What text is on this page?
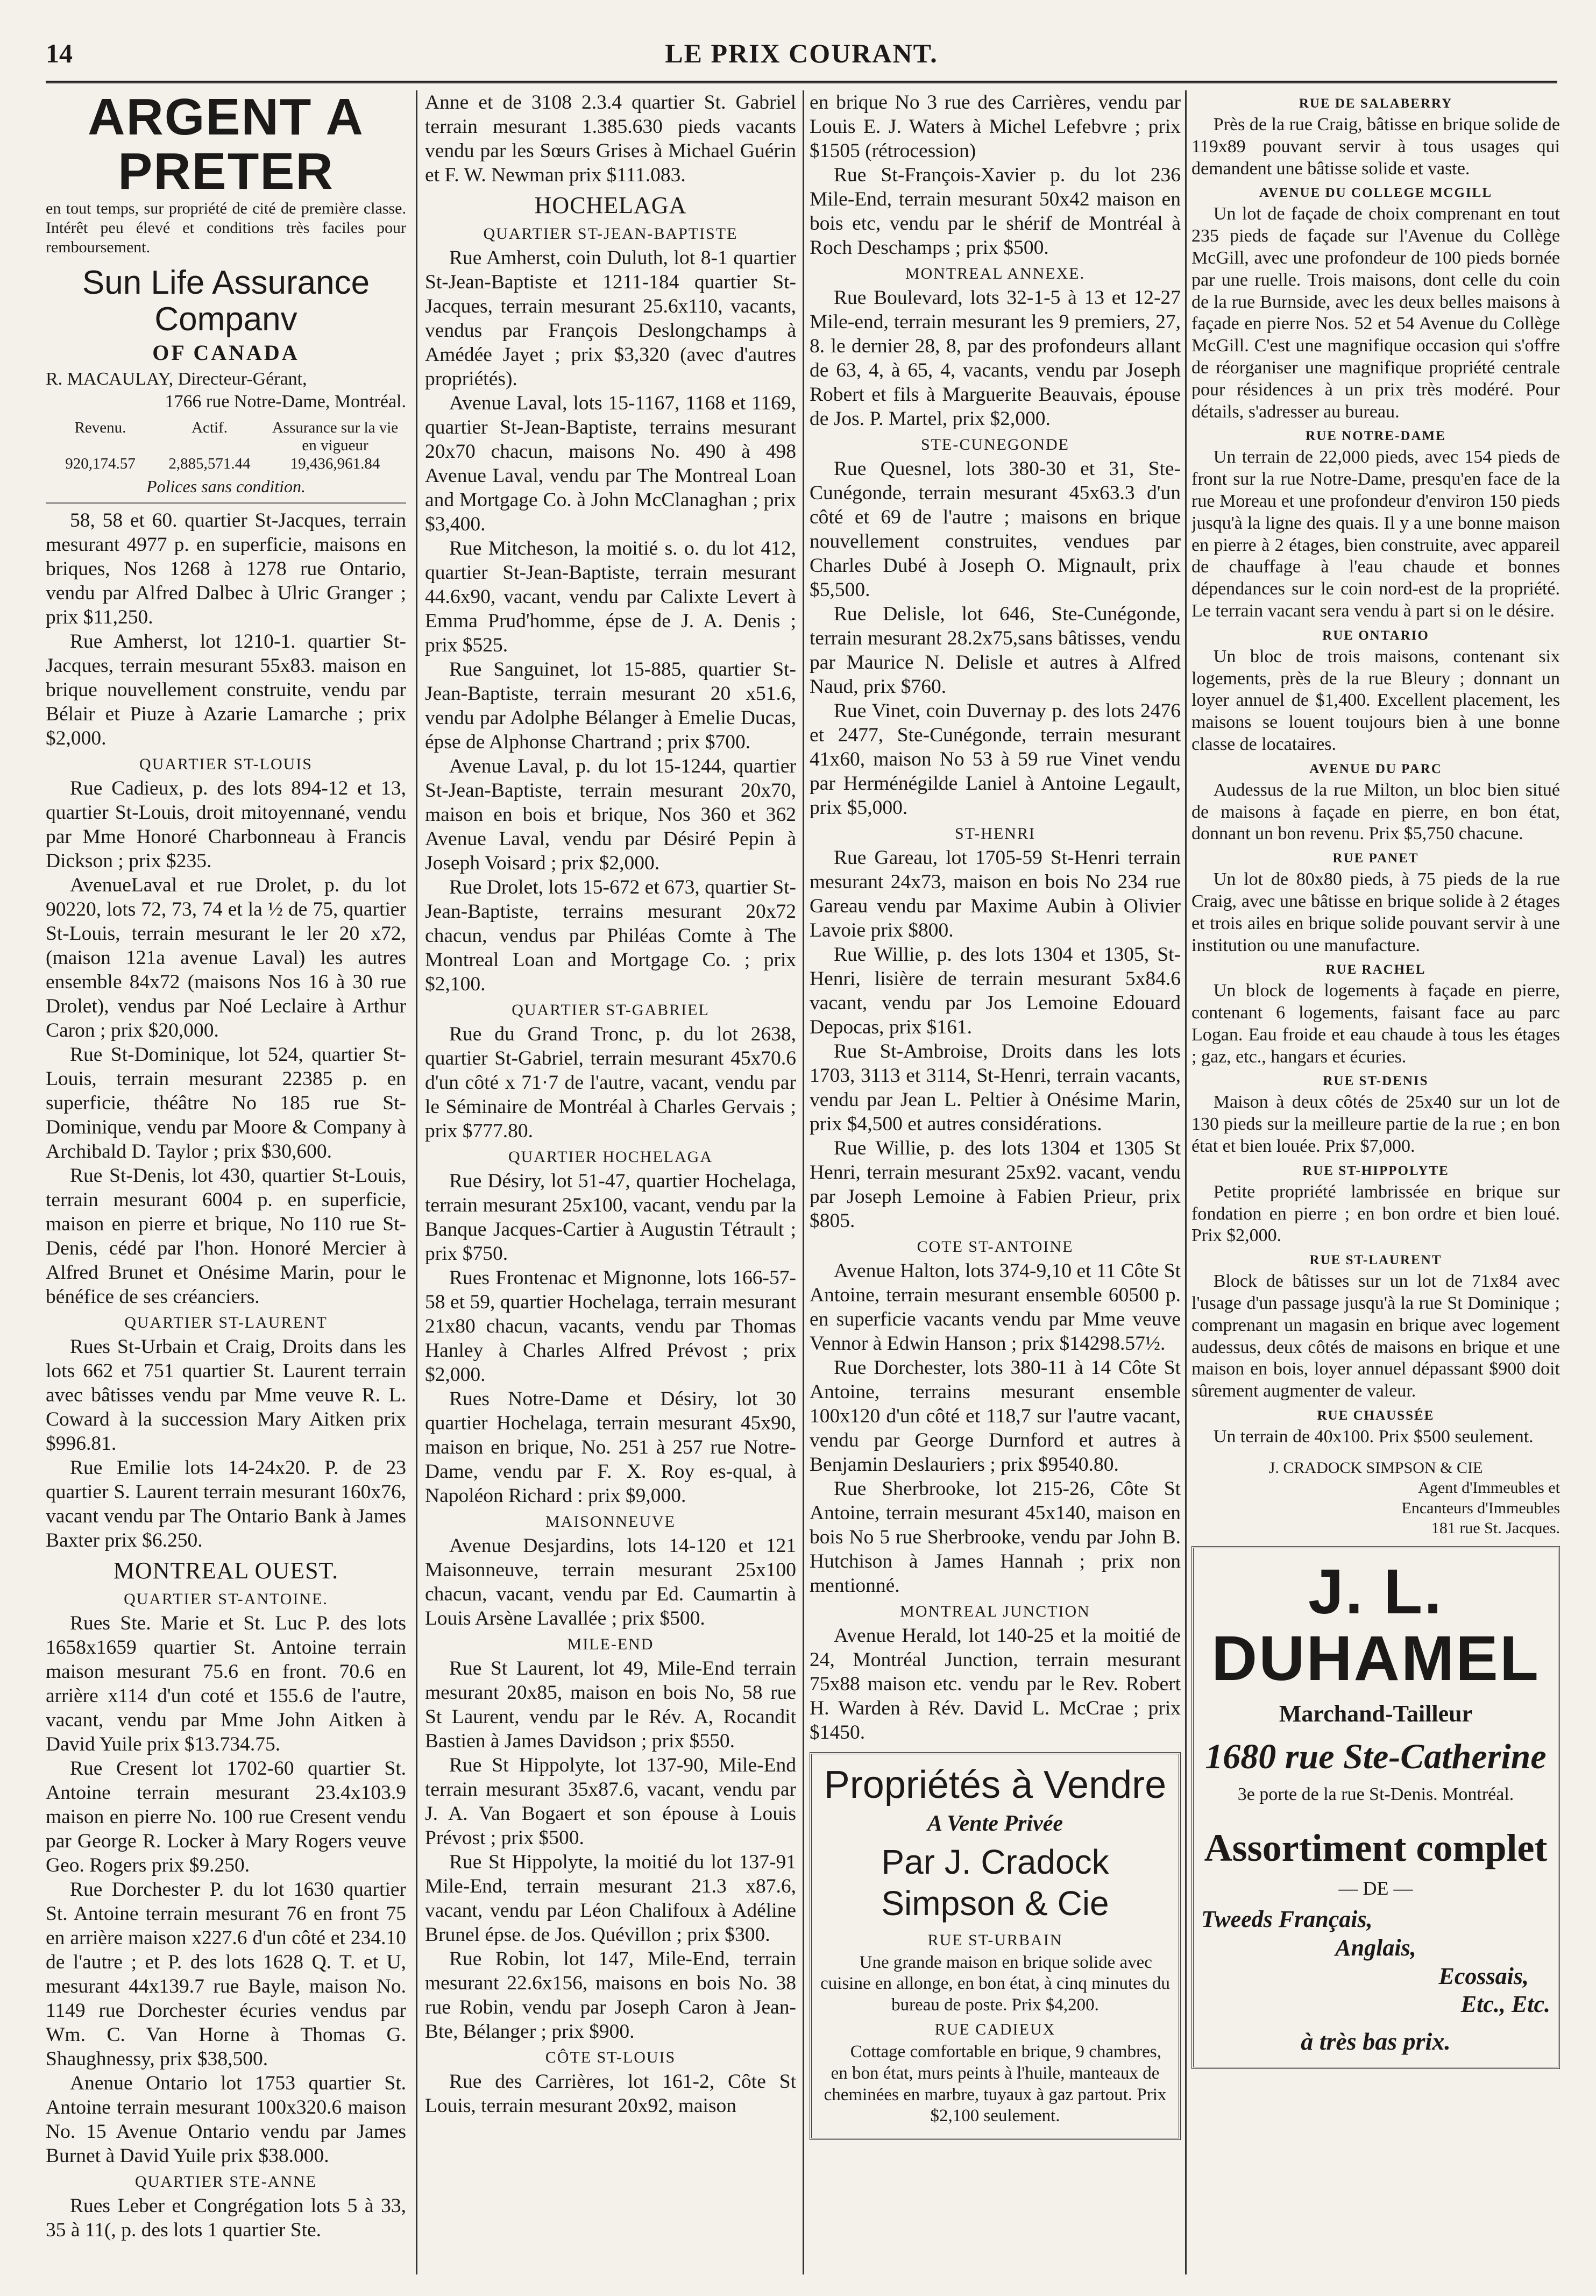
14	LE PRIX COURANT.
ARGENT A PRETER
en tout temps, sur propriété de cité de première classe. Intérêt peu élevé et conditions très faciles pour remboursement.
Sun Life Assurance Companv
OF CANADA
R. MACAULAY, Directeur-Gérant,
1766 rue Notre-Dame, Montréal.
Revenu.	Actif.	Assurance sur la vie en vigueur
920,174.57	2,885,571.44	19,436,961.84
Polices sans condition.

58, 58 et 60. quartier St-Jacques, terrain mesurant 4977 p. en superficie, maisons en briques, Nos 1268 à 1278 rue Ontario, vendu par Alfred Dalbec à Ulric Granger ; prix $11,250.

Rue Amherst, lot 1210-1. quartier St-Jacques, terrain mesurant 55x83. maison en brique nouvellement construite, vendu par Bélair et Piuze à Azarie Lamarche ; prix $2,000.

QUARTIER ST-LOUIS

Rue Cadieux, p. des lots 894-12 et 13, quartier St-Louis, droit mitoyennané, vendu par Mme Honoré Charbonneau à Francis Dickson ; prix $235.

AvenueLaval et rue Drolet, p. du lot 90220, lots 72, 73, 74 et la ½ de 75, quartier St-Louis, terrain mesurant le ler 20 x72, (maison 121a avenue Laval) les autres ensemble 84x72 (maisons Nos 16 à 30 rue Drolet), vendus par Noé Leclaire à Arthur Caron ; prix $20,000.

Rue St-Dominique, lot 524, quartier St-Louis, terrain mesurant 22385 p. en superficie, théâtre No 185 rue St-Dominique, vendu par Moore & Company à Archibald D. Taylor ; prix $30,600.

Rue St-Denis, lot 430, quartier St-Louis, terrain mesurant 6004 p. en superficie, maison en pierre et brique, No 110 rue St-Denis, cédé par l'hon. Honoré Mercier à Alfred Brunet et Onésime Marin, pour le bénéfice de ses créanciers.

QUARTIER ST-LAURENT

Rues St-Urbain et Craig, Droits dans les lots 662 et 751 quartier St. Laurent terrain avec bâtisses vendu par Mme veuve R. L. Coward à la succession Mary Aitken prix $996.81.

Rue Emilie lots 14-24x20. P. de 23 quartier S. Laurent terrain mesurant 160x76, vacant vendu par The Ontario Bank à James Baxter prix $6.250.

MONTREAL OUEST.
QUARTIER ST-ANTOINE.

Rues Ste. Marie et St. Luc P. des lots 1658x1659 quartier St. Antoine terrain maison mesurant 75.6 en front. 70.6 en arrière x114 d'un coté et 155.6 de l'autre, vacant, vendu par Mme John Aitken à David Yuile prix $13.734.75.

Rue Cresent lot 1702-60 quartier St. Antoine terrain mesurant 23.4x103.9 maison en pierre No. 100 rue Cresent vendu par George R. Locker à Mary Rogers veuve Geo. Rogers prix $9.250.

Rue Dorchester P. du lot 1630 quartier St. Antoine terrain mesurant 76 en front 75 en arrière maison x227.6 d'un côté et 234.10 de l'autre ; et P. des lots 1628 Q. T. et U, mesurant 44x139.7 rue Bayle, maison No. 1149 rue Dorchester écuries vendus par Wm. C. Van Horne à Thomas G. Shaughnessy, prix $38,500.

Anenue Ontario lot 1753 quartier St. Antoine terrain mesurant 100x320.6 maison No. 15 Avenue Ontario vendu par James Burnet à David Yuile prix $38.000.

QUARTIER STE-ANNE

Rues Leber et Congrégation lots 5 à 33, 35 à 11(, p. des lots 1 quartier Ste.

Anne et de 3108 2.3.4 quartier St. Gabriel terrain mesurant 1.385.630 pieds vacants vendu par les Sœurs Grises à Michael Guérin et F. W. Newman prix $111.083.

HOCHELAGA
QUARTIER ST-JEAN-BAPTISTE

Rue Amherst, coin Duluth, lot 8-1 quartier St-Jean-Baptiste et 1211-184 quartier St-Jacques, terrain mesurant 25.6x110, vacants, vendus par François Deslongchamps à Amédée Jayet ; prix $3,320 (avec d'autres propriétés).

Avenue Laval, lots 15-1167, 1168 et 1169, quartier St-Jean-Baptiste, terrains mesurant 20x70 chacun, maisons No. 490 à 498 Avenue Laval, vendu par The Montreal Loan and Mortgage Co. à John McClanaghan ; prix $3,400.

Rue Mitcheson, la moitié s. o. du lot 412, quartier St-Jean-Baptiste, terrain mesurant 44.6x90, vacant, vendu par Calixte Levert à Emma Prud'homme, épse de J. A. Denis ; prix $525.

Rue Sanguinet, lot 15-885, quartier St-Jean-Baptiste, terrain mesurant 20 x51.6, vendu par Adolphe Bélanger à Emelie Ducas, épse de Alphonse Chartrand ; prix $700.

Avenue Laval, p. du lot 15-1244, quartier St-Jean-Baptiste, terrain mesurant 20x70, maison en bois et brique, Nos 360 et 362 Avenue Laval, vendu par Désiré Pepin à Joseph Voisard ; prix $2,000.

Rue Drolet, lots 15-672 et 673, quartier St-Jean-Baptiste, terrains mesurant 20x72 chacun, vendus par Philéas Comte à The Montreal Loan and Mortgage Co. ; prix $2,100.

QUARTIER ST-GABRIEL

Rue du Grand Tronc, p. du lot 2638, quartier St-Gabriel, terrain mesurant 45x70.6 d'un côté x 71·7 de l'autre, vacant, vendu par le Séminaire de Montréal à Charles Gervais ; prix $777.80.

QUARTIER HOCHELAGA

Rue Désiry, lot 51-47, quartier Hochelaga, terrain mesurant 25x100, vacant, vendu par la Banque Jacques-Cartier à Augustin Tétrault ; prix $750.

Rues Frontenac et Mignonne, lots 166-57-58 et 59, quartier Hochelaga, terrain mesurant 21x80 chacun, vacants, vendu par Thomas Hanley à Charles Alfred Prévost ; prix $2,000.

Rues Notre-Dame et Désiry, lot 30 quartier Hochelaga, terrain mesurant 45x90, maison en brique, No. 251 à 257 rue Notre-Dame, vendu par F. X. Roy es-qual, à Napoléon Richard : prix $9,000.

MAISONNEUVE

Avenue Desjardins, lots 14-120 et 121 Maisonneuve, terrain mesurant 25x100 chacun, vacant, vendu par Ed. Caumartin à Louis Arsène Lavallée ; prix $500.

MILE-END

Rue St Laurent, lot 49, Mile-End terrain mesurant 20x85, maison en bois No, 58 rue St Laurent, vendu par le Rév. A, Rocandit Bastien à James Davidson ; prix $550.

Rue St Hippolyte, lot 137-90, Mile-End terrain mesurant 35x87.6, vacant, vendu par J. A. Van Bogaert et son épouse à Louis Prévost ; prix $500.

Rue St Hippolyte, la moitié du lot 137-91 Mile-End, terrain mesurant 21.3 x87.6, vacant, vendu par Léon Chalifoux à Adéline Brunel épse. de Jos. Quévillon ; prix $300.

Rue Robin, lot 147, Mile-End, terrain mesurant 22.6x156, maisons en bois No. 38 rue Robin, vendu par Joseph Caron à Jean-Bte, Bélanger ; prix $900.

CÔTE ST-LOUIS

Rue des Carrières, lot 161-2, Côte St Louis, terrain mesurant 20x92, maison

en brique No 3 rue des Carrières, vendu par Louis E. J. Waters à Michel Lefebvre ; prix $1505 (rétrocession)

Rue St-François-Xavier p. du lot 236 Mile-End, terrain mesurant 50x42 maison en bois etc, vendu par le shérif de Montréal à Roch Deschamps ; prix $500.

MONTREAL ANNEXE.

Rue Boulevard, lots 32-1-5 à 13 et 12-27 Mile-end, terrain mesurant les 9 premiers, 27, 8. le dernier 28, 8, par des profondeurs allant de 63, 4, à 65, 4, vacants, vendu par Joseph Robert et fils à Marguerite Beauvais, épouse de Jos. P. Martel, prix $2,000.

STE-CUNEGONDE

Rue Quesnel, lots 380-30 et 31, Ste-Cunégonde, terrain mesurant 45x63.3 d'un côté et 69 de l'autre ; maisons en brique nouvellement construites, vendues par Charles Dubé à Joseph O. Mignault, prix $5,500.

Rue Delisle, lot 646, Ste-Cunégonde, terrain mesurant 28.2x75,sans bâtisses, vendu par Maurice N. Delisle et autres à Alfred Naud, prix $760.

Rue Vinet, coin Duvernay p. des lots 2476 et 2477, Ste-Cunégonde, terrain mesurant 41x60, maison No 53 à 59 rue Vinet vendu par Herménégilde Laniel à Antoine Legault, prix $5,000.

ST-HENRI

Rue Gareau, lot 1705-59 St-Henri terrain mesurant 24x73, maison en bois No 234 rue Gareau vendu par Maxime Aubin à Olivier Lavoie prix $800.

Rue Willie, p. des lots 1304 et 1305, St-Henri, lisière de terrain mesurant 5x84.6 vacant, vendu par Jos Lemoine Edouard Depocas, prix $161.

Rue St-Ambroise, Droits dans les lots 1703, 3113 et 3114, St-Henri, terrain vacants, vendu par Jean L. Peltier à Onésime Marin, prix $4,500 et autres considérations.

Rue Willie, p. des lots 1304 et 1305 St Henri, terrain mesurant 25x92. vacant, vendu par Joseph Lemoine à Fabien Prieur, prix $805.

COTE ST-ANTOINE

Avenue Halton, lots 374-9,10 et 11 Côte St Antoine, terrain mesurant ensemble 60500 p. en superficie vacants vendu par Mme veuve Vennor à Edwin Hanson ; prix $14298.57½.

Rue Dorchester, lots 380-11 à 14 Côte St Antoine, terrains mesurant ensemble 100x120 d'un côté et 118,7 sur l'autre vacant, vendu par George Durnford et autres à Benjamin Deslauriers ; prix $9540.80.

Rue Sherbrooke, lot 215-26, Côte St Antoine, terrain mesurant 45x140, maison en bois No 5 rue Sherbrooke, vendu par John B. Hutchison à James Hannah ; prix non mentionné.

MONTREAL JUNCTION

Avenue Herald, lot 140-25 et la moitié de 24, Montréal Junction, terrain mesurant 75x88 maison etc. vendu par le Rev. Robert H. Warden à Rév. David L. McCrae ; prix $1450.

Propriétés à Vendre
A Vente Privée
Par J. Cradock Simpson & Cie
RUE ST-URBAIN

Une grande maison en brique solide avec cuisine en allonge, en bon état, à cinq minutes du bureau de poste. Prix $4,200.

RUE CADIEUX

Cottage comfortable en brique, 9 chambres, en bon état, murs peints à l'huile, manteaux de cheminées en marbre, tuyaux à gaz partout. Prix $2,100 seulement.

RUE DE SALABERRY

Près de la rue Craig, bâtisse en brique solide de 119x89 pouvant servir à tous usages qui demandent une bâtisse solide et vaste.

AVENUE DU COLLEGE MCGILL

Un lot de façade de choix comprenant en tout 235 pieds de façade sur l'Avenue du Collège McGill, avec une profondeur de 100 pieds bornée par une ruelle. Trois maisons, dont celle du coin de la rue Burnside, avec les deux belles maisons à façade en pierre Nos. 52 et 54 Avenue du Collège McGill. C'est une magnifique occasion qui s'offre de réorganiser une magnifique propriété centrale pour résidences à un prix très modéré. Pour détails, s'adresser au bureau.

RUE NOTRE-DAME

Un terrain de 22,000 pieds, avec 154 pieds de front sur la rue Notre-Dame, presqu'en face de la rue Moreau et une profondeur d'environ 150 pieds jusqu'à la ligne des quais. Il y a une bonne maison en pierre à 2 étages, bien construite, avec appareil de chauffage à l'eau chaude et bonnes dépendances sur le coin nord-est de la propriété. Le terrain vacant sera vendu à part si on le désire.

RUE ONTARIO

Un bloc de trois maisons, contenant six logements, près de la rue Bleury ; donnant un loyer annuel de $1,400. Excellent placement, les maisons se louent toujours bien à une bonne classe de locataires.

AVENUE DU PARC

Audessus de la rue Milton, un bloc bien situé de maisons à façade en pierre, en bon état, donnant un bon revenu. Prix $5,750 chacune.

RUE PANET

Un lot de 80x80 pieds, à 75 pieds de la rue Craig, avec une bâtisse en brique solide à 2 étages et trois ailes en brique solide pouvant servir à une institution ou une manufacture.

RUE RACHEL

Un block de logements à façade en pierre, contenant 6 logements, faisant face au parc Logan. Eau froide et eau chaude à tous les étages ; gaz, etc., hangars et écuries.

RUE ST-DENIS

Maison à deux côtés de 25x40 sur un lot de 130 pieds sur la meilleure partie de la rue ; en bon état et bien louée. Prix $7,000.

RUE ST-HIPPOLYTE

Petite propriété lambrissée en brique sur fondation en pierre ; en bon ordre et bien loué. Prix $2,000.

RUE ST-LAURENT

Block de bâtisses sur un lot de 71x84 avec l'usage d'un passage jusqu'à la rue St Dominique ; comprenant un magasin en brique avec logement audessus, deux côtés de maisons en brique et une maison en bois, loyer annuel dépassant $900 doit sûrement augmenter de valeur.

RUE CHAUSSÉE

Un terrain de 40x100. Prix $500 seulement.

J. CRADOCK SIMPSON & CIE
Agent d'Immeubles et
Encanteurs d'Immeubles
181 rue St. Jacques.
J. L. DUHAMEL
Marchand-Tailleur
1680 rue Ste-Catherine
3e porte de la rue St-Denis. Montréal.
Assortiment complet
— DE —
Tweeds Français,
Anglais,
Ecossais,
Etc., Etc.
à très bas prix.
